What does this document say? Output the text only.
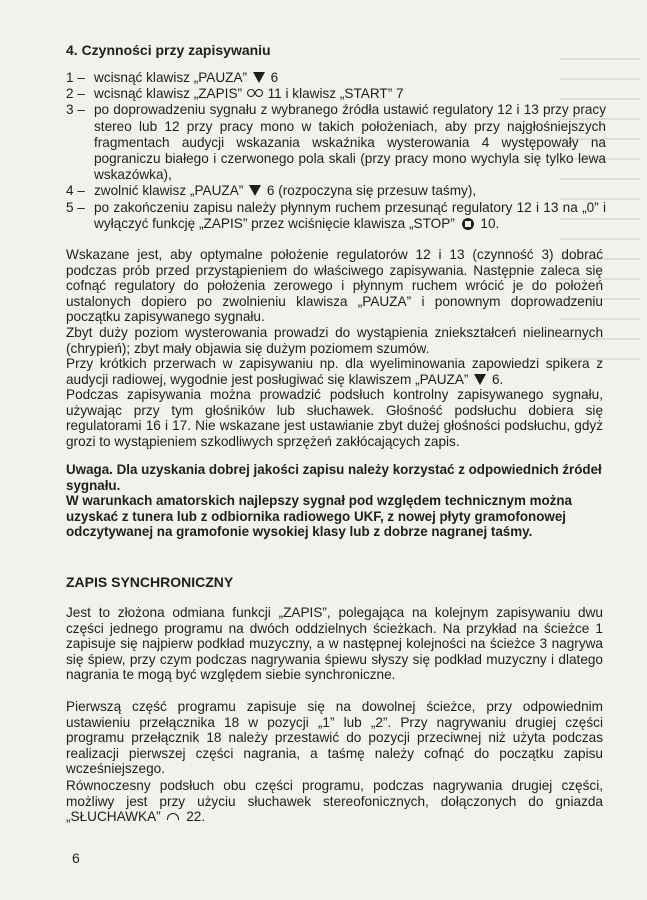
4. Czynności przy zapisywaniu

1 – wcisnąć klawisz „PAUZA”  6
2 – wcisnąć klawisz „ZAPIS”  11 i klawisz „START” 7
3 – po doprowadzeniu sygnału z wybranego źródła ustawić regulatory 12 i 13 przy pracy stereo lub 12 przy pracy mono w takich położeniach, aby przy najgłośniejszych fragmentach audycji wskazania wskaźnika wysterowania 4 występowały na pograniczu białego i czerwonego pola skali (przy pracy mono wychyla się tylko lewa wskazówka),
4 – zwolnić klawisz „PAUZA”  6 (rozpoczyna się przesuw taśmy),
5 – po zakończeniu zapisu należy płynnym ruchem przesunąć regulatory 12 i 13 na „0” i wyłączyć funkcję „ZAPIS” przez wciśnięcie klawisza „STOP”  10.

Wskazane jest, aby optymalne położenie regulatorów 12 i 13 (czynność 3) dobrać podczas prób przed przystąpieniem do właściwego zapisywania. Następnie zaleca się cofnąć regulatory do położenia zerowego i płynnym ruchem wrócić je do położeń ustalonych dopiero po zwolnieniu klawisza „PAUZA” i ponownym doprowadzeniu początku zapisywanego sygnału.

Zbyt duży poziom wysterowania prowadzi do wystąpienia zniekształceń nielinearnych (chrypień); zbyt mały objawia się dużym poziomem szumów.

Przy krótkich przerwach w zapisywaniu np. dla wyeliminowania zapowiedzi spikera z audycji radiowej, wygodnie jest posługiwać się klawiszem „PAUZA”  6.

Podczas zapisywania można prowadzić podsłuch kontrolny zapisywanego sygnału, używając przy tym głośników lub słuchawek. Głośność podsłuchu dobiera się regulatorami 16 i 17. Nie wskazane jest ustawianie zbyt dużej głośności podsłuchu, gdyż grozi to wystąpieniem szkodliwych sprzężeń zakłócających zapis.

Uwaga. Dla uzyskania dobrej jakości zapisu należy korzystać z odpowiednich źródeł sygnału.
W warunkach amatorskich najlepszy sygnał pod względem technicznym można uzyskać z tunera lub z odbiornika radiowego UKF, z nowej płyty gramofonowej odczytywanej na gramofonie wysokiej klasy lub z dobrze nagranej taśmy.

ZAPIS SYNCHRONICZNY

Jest to złożona odmiana funkcji „ZAPIS”, polegająca na kolejnym zapisywaniu dwu części jednego programu na dwóch oddzielnych ścieżkach. Na przykład na ścieżce 1 zapisuje się najpierw podkład muzyczny, a w następnej kolejności na ścieżce 3 nagrywa się śpiew, przy czym podczas nagrywania śpiewu słyszy się podkład muzyczny i dlatego nagrania te mogą być względem siebie synchroniczne.

Pierwszą część programu zapisuje się na dowolnej ścieżce, przy odpowiednim ustawieniu przełącznika 18 w pozycji „1” lub „2”. Przy nagrywaniu drugiej części programu przełącznik 18 należy przestawić do pozycji przeciwnej niż użyta podczas realizacji pierwszej części nagrania, a taśmę należy cofnąć do początku zapisu wcześniejszego.

Równoczesny podsłuch obu części programu, podczas nagrywania drugiej części, możliwy jest przy użyciu słuchawek stereofonicznych, dołączonych do gniazda „SŁUCHAWKA”  22.

6
